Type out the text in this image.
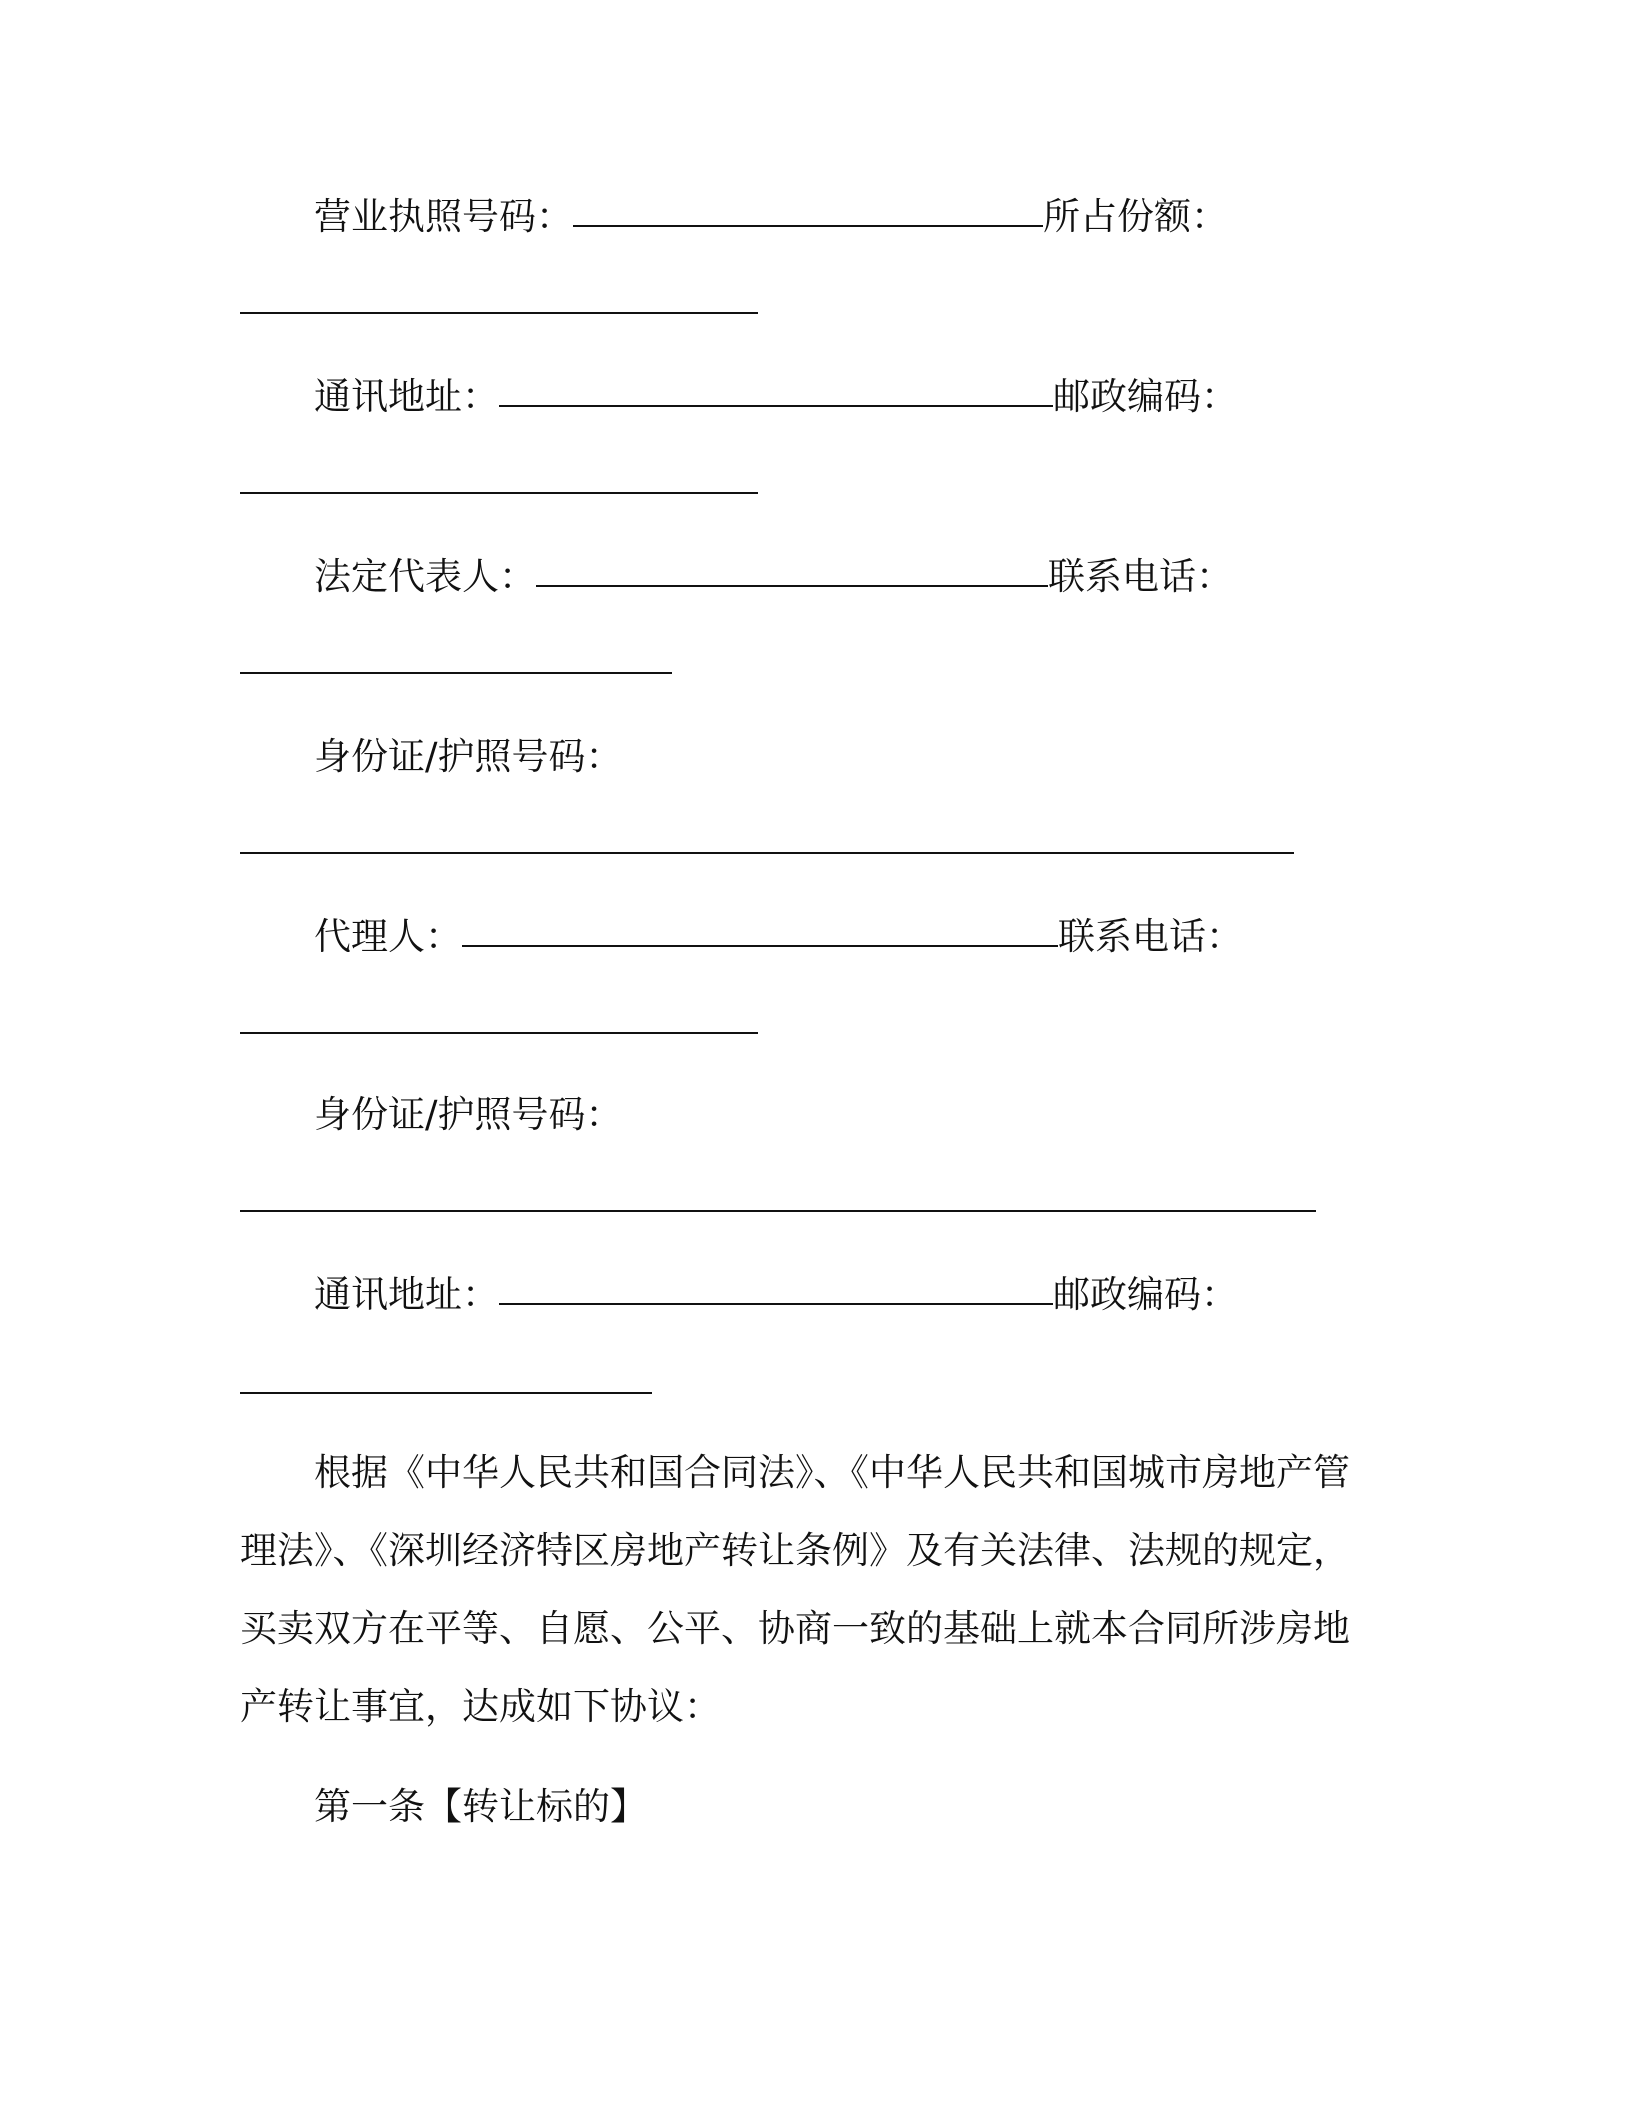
营业执照号码：	所占份额：
通讯地址：	邮政编码：
法定代表人：	联系电话：
身份证/护照号码：
代理人：	联系电话：
身份证/护照号码：
通讯地址：	邮政编码：
根据《中华人民共和国合同法》、《中华人民共和国城市房地产管理法》、《深圳经济特区房地产转让条例》及有关法律、法规的规定，买卖双方在平等、自愿、公平、协商一致的基础上就本合同所涉房地产转让事宜，达成如下协议：
第一条【转让标的】
